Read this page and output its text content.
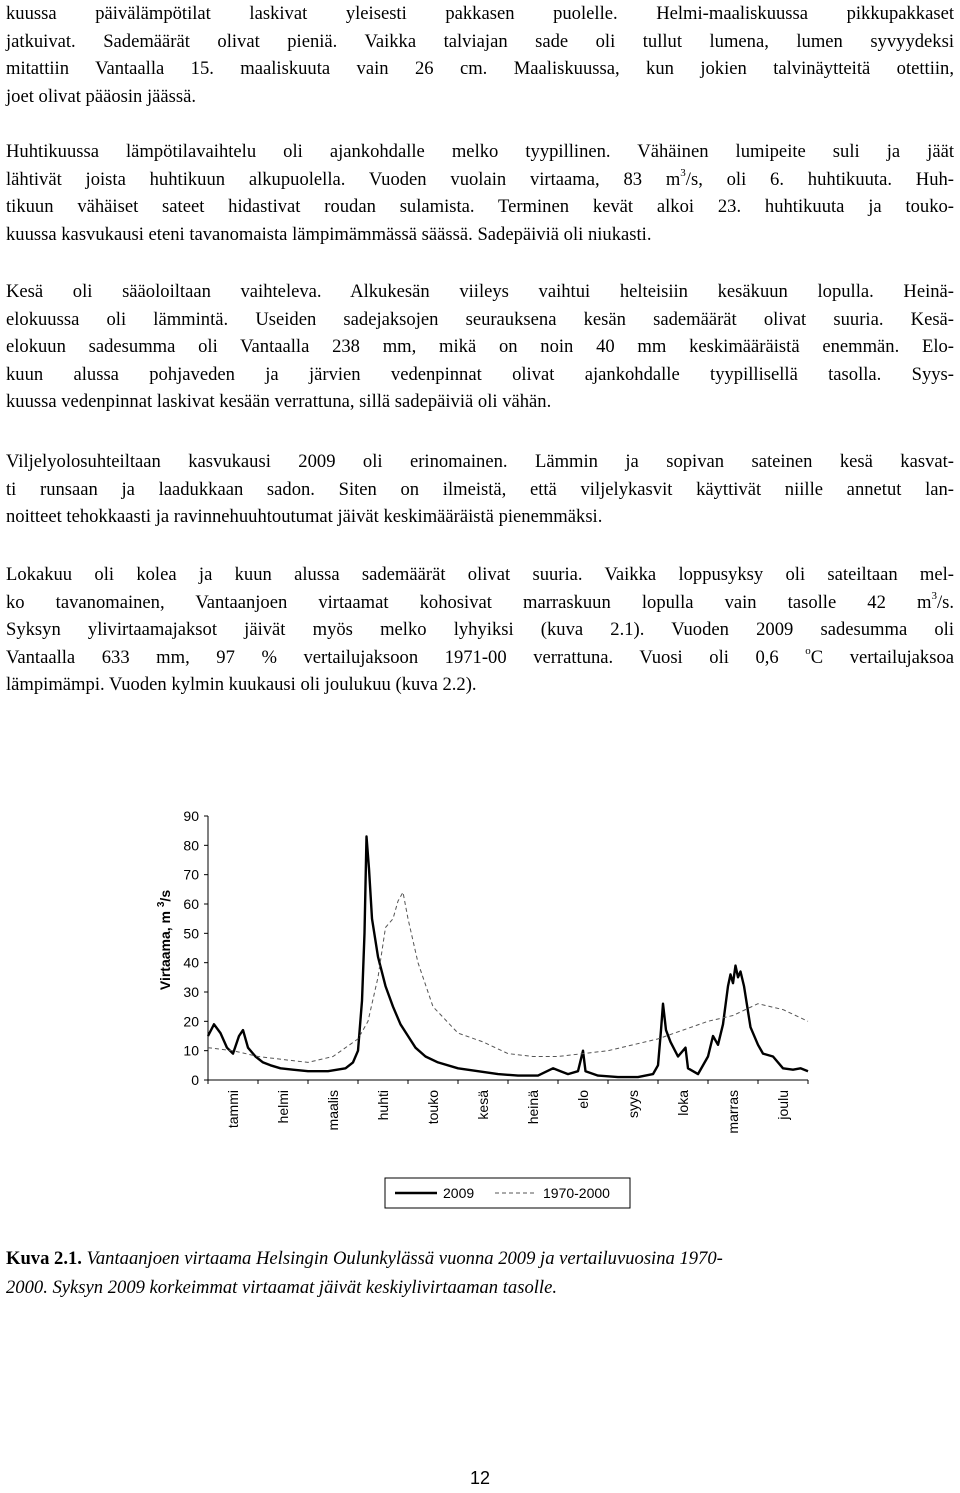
kuussa päivälämpötilat laskivat yleisesti pakkasen puolelle. Helmi-maaliskuussa pikkupakkaset
jatkuivat. Sademäärät olivat pieniä. Vaikka talviajan sade oli tullut lumena, lumen syvyydeksi
mitattiin Vantaalla 15. maaliskuuta vain 26 cm. Maaliskuussa, kun jokien talvinäytteitä otettiin,
joet olivat pääosin jäässä.
Huhtikuussa lämpötilavaihtelu oli ajankohdalle melko tyypillinen. Vähäinen lumipeite suli ja jäät
lähtivät joista huhtikuun alkupuolella. Vuoden vuolain virtaama, 83 $m^3/s$, oli 6. huhtikuuta. Huh-
tikuun vähäiset sateet hidastivat roudan sulamista. Terminen kevät alkoi 23. huhtikuuta ja touko-
kuussa kasvukausi eteni tavanomaista lämpimämmässä säässä. Sadepäiviä oli niukasti.
Kesä oli sääoloiltaan vaihteleva. Alkukesän viileys vaihtui helteisiin kesäkuun lopulla. Heinä-
elokuussa oli lämmintä. Useiden sadejaksojen seurauksena kesän sademäärät olivat suuria. Kesä-
elokuun sadesumma oli Vantaalla 238 mm, mikä on noin 40 mm keskimääräistä enemmän. Elo-
kuun alussa pohjaveden ja järvien vedenpinnat olivat ajankohdalle tyypillisellä tasolla. Syys-
kuussa vedenpinnat laskivat kesään verrattuna, sillä sadepäiviä oli vähän.
Viljelyolosuhteiltaan kasvukausi 2009 oli erinomainen. Lämmin ja sopivan sateinen kesä kasvat-
ti runsaan ja laadukkaan sadon. Siten on ilmeistä, että viljelykasvit käyttivät niille annetut lan-
noitteet tehokkaasti ja ravinnehuuhtoutumat jäivät keskimääräistä pienemmäksi.
Lokakuu oli kolea ja kuun alussa sademäärät olivat suuria. Vaikka loppusyksy oli sateiltaan mel-
ko tavanomainen, Vantaanjoen virtaamat kohosivat marraskuun lopulla vain tasolle 42 $m^3/s$.
Syksyn ylivirtaamajaksot jäivät myös melko lyhyiksi (kuva 2.1). Vuoden 2009 sadesumma oli
Vantaalla 633 mm, 97 % vertailujaksoon 1971-00 verrattuna. Vuosi oli 0,6 $^o$C vertailujaksoa
lämpimämpi. Vuoden kylmin kuukausi oli joulukuu (kuva 2.2).
0
10
20
30
40
50
60
70
80
90
tammi helmi maalis huhti touko kesä heinä elo syys loka marras joulu
Virtaama, m $^3$/s
2009	1970-2000
Kuva 2.1. Vantaanjoen virtaama Helsingin Oulunkylässä vuonna 2009 ja vertailuvuosina 1970-
2000. Syksyn 2009 korkeimmat virtaamat jäivät keskiylivirtaaman tasolle.
12
